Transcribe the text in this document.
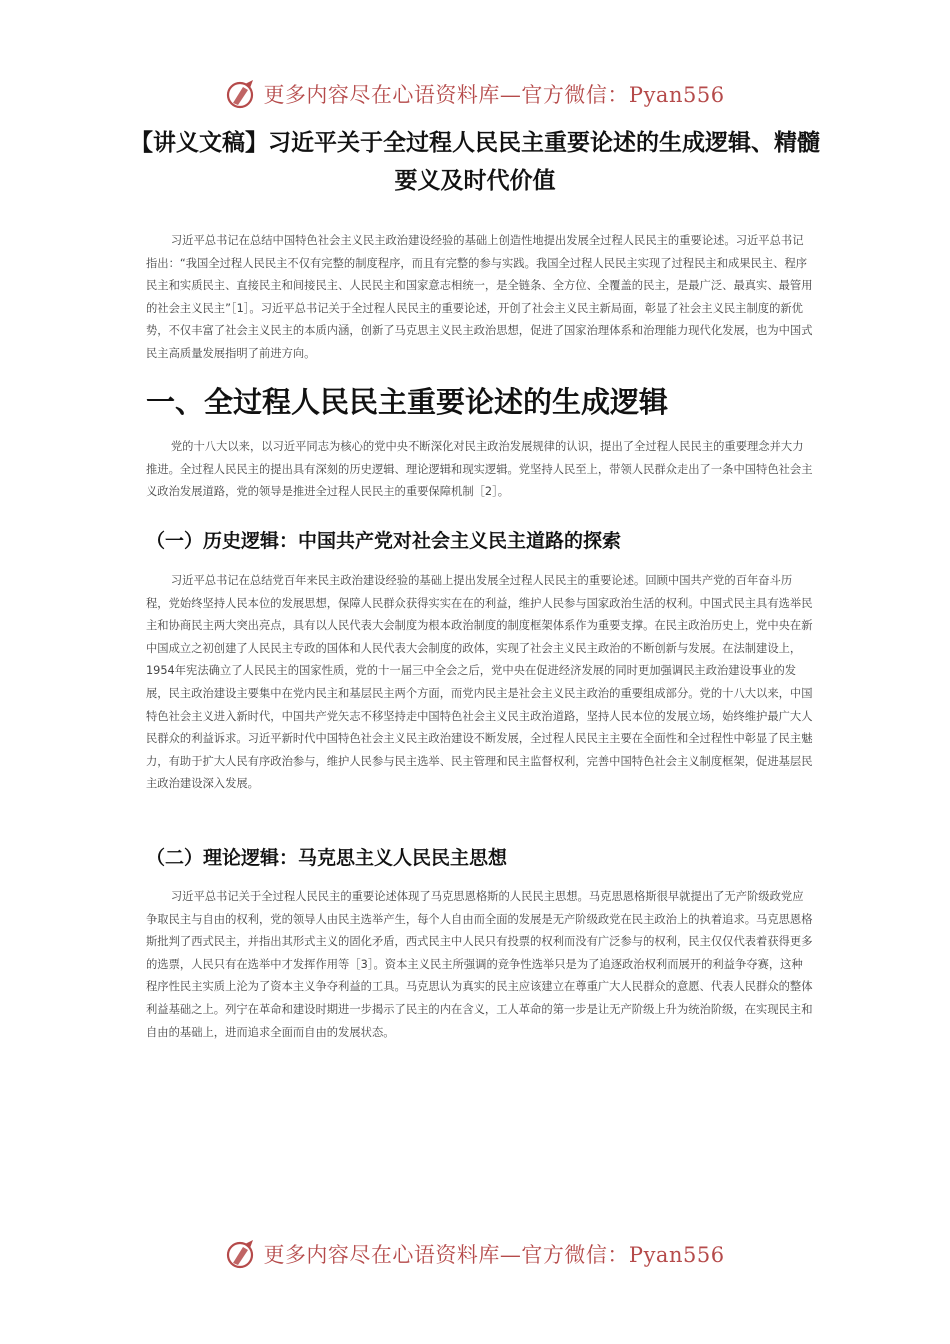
更多内容尽在心语资料库—官方微信：Pyan556
【讲义文稿】习近平关于全过程人民民主重要论述的生成逻辑、精髓要义及时代价值

习近平总书记在总结中国特色社会主义民主政治建设经验的基础上创造性地提出发展全过程人民民主的重要论述。习近平总书记指出：“我国全过程人民民主不仅有完整的制度程序，而且有完整的参与实践。我国全过程人民民主实现了过程民主和成果民主、程序民主和实质民主、直接民主和间接民主、人民民主和国家意志相统一，是全链条、全方位、全覆盖的民主，是最广泛、最真实、最管用的社会主义民主”［1］。习近平总书记关于全过程人民民主的重要论述，开创了社会主义民主新局面，彰显了社会主义民主制度的新优势，不仅丰富了社会主义民主的本质内涵，创新了马克思主义民主政治思想，促进了国家治理体系和治理能力现代化发展，也为中国式民主高质量发展指明了前进方向。

一、全过程人民民主重要论述的生成逻辑

党的十八大以来，以习近平同志为核心的党中央不断深化对民主政治发展规律的认识，提出了全过程人民民主的重要理念并大力推进。全过程人民民主的提出具有深刻的历史逻辑、理论逻辑和现实逻辑。党坚持人民至上，带领人民群众走出了一条中国特色社会主义政治发展道路，党的领导是推进全过程人民民主的重要保障机制［2］。

（一）历史逻辑：中国共产党对社会主义民主道路的探索

习近平总书记在总结党百年来民主政治建设经验的基础上提出发展全过程人民民主的重要论述。回顾中国共产党的百年奋斗历程，党始终坚持人民本位的发展思想，保障人民群众获得实实在在的利益，维护人民参与国家政治生活的权利。中国式民主具有选举民主和协商民主两大突出亮点，具有以人民代表大会制度为根本政治制度的制度框架体系作为重要支撑。在民主政治历史上，党中央在新中国成立之初创建了人民民主专政的国体和人民代表大会制度的政体，实现了社会主义民主政治的不断创新与发展。在法制建设上，1954年宪法确立了人民民主的国家性质，党的十一届三中全会之后，党中央在促进经济发展的同时更加强调民主政治建设事业的发展，民主政治建设主要集中在党内民主和基层民主两个方面，而党内民主是社会主义民主政治的重要组成部分。党的十八大以来，中国特色社会主义进入新时代，中国共产党矢志不移坚持走中国特色社会主义民主政治道路，坚持人民本位的发展立场，始终维护最广大人民群众的利益诉求。习近平新时代中国特色社会主义民主政治建设不断发展，全过程人民民主主要在全面性和全过程性中彰显了民主魅力，有助于扩大人民有序政治参与，维护人民参与民主选举、民主管理和民主监督权利，完善中国特色社会主义制度框架，促进基层民主政治建设深入发展。

（二）理论逻辑：马克思主义人民民主思想

习近平总书记关于全过程人民民主的重要论述体现了马克思恩格斯的人民民主思想。马克思恩格斯很早就提出了无产阶级政党应争取民主与自由的权利，党的领导人由民主选举产生，每个人自由而全面的发展是无产阶级政党在民主政治上的执着追求。马克思恩格斯批判了西式民主，并指出其形式主义的固化矛盾，西式民主中人民只有投票的权利而没有广泛参与的权利，民主仅仅代表着获得更多的选票，人民只有在选举中才发挥作用等［3］。资本主义民主所强调的竞争性选举只是为了追逐政治权利而展开的利益争夺赛，这种程序性民主实质上沦为了资本主义争夺利益的工具。马克思认为真实的民主应该建立在尊重广大人民群众的意愿、代表人民群众的整体利益基础之上。列宁在革命和建设时期进一步揭示了民主的内在含义，工人革命的第一步是让无产阶级上升为统治阶级，在实现民主和自由的基础上，进而追求全面而自由的发展状态。

更多内容尽在心语资料库—官方微信：Pyan556
